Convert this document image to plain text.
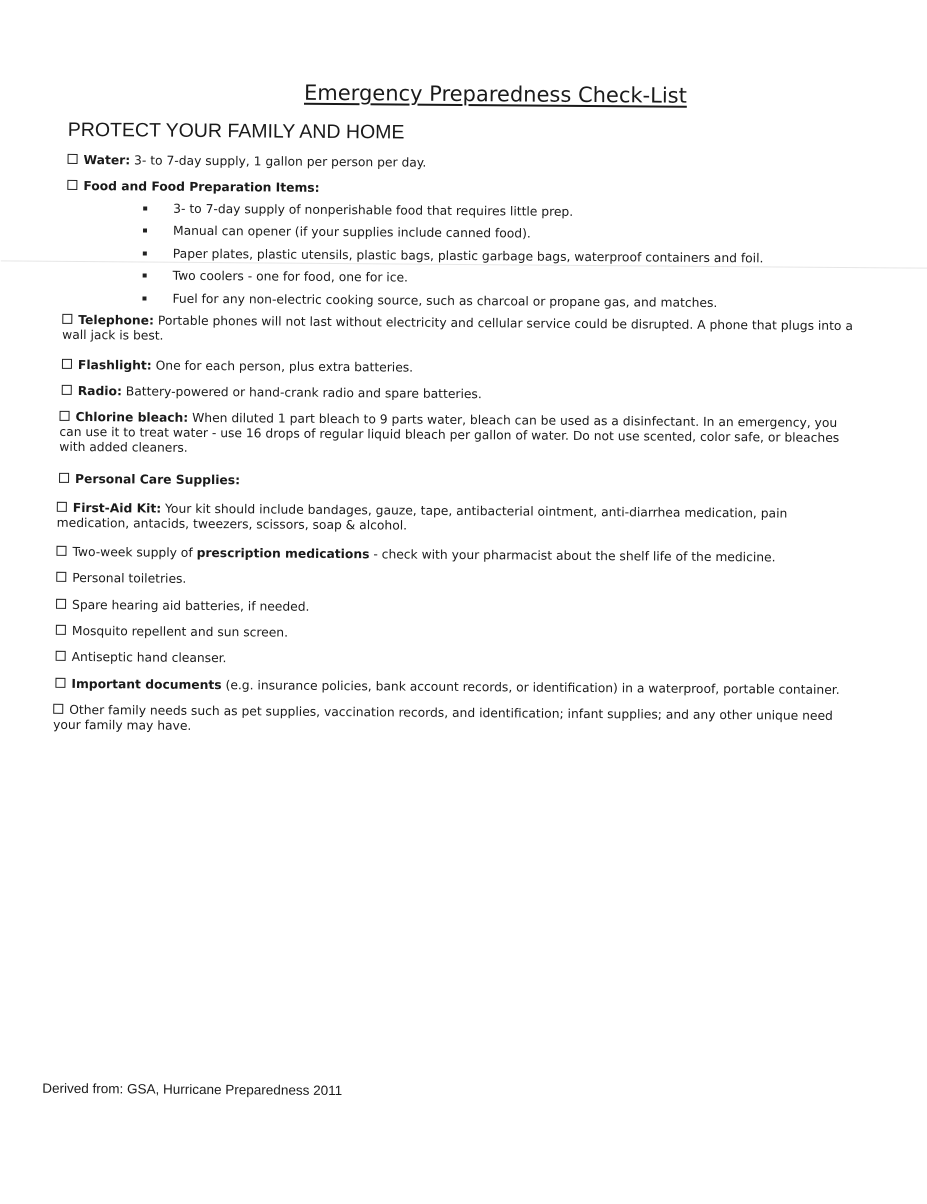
Emergency Preparedness Check-List
PROTECT YOUR FAMILY AND HOME
Water: 3- to 7-day supply, 1 gallon per person per day.
Food and Food Preparation Items:
3- to 7-day supply of nonperishable food that requires little prep.
Manual can opener (if your supplies include canned food).
Paper plates, plastic utensils, plastic bags, plastic garbage bags, waterproof containers and foil.
Two coolers - one for food, one for ice.
Fuel for any non-electric cooking source, such as charcoal or propane gas, and matches.
Telephone: Portable phones will not last without electricity and cellular service could be disrupted. A phone that plugs into a wall jack is best.
Flashlight: One for each person, plus extra batteries.
Radio: Battery-powered or hand-crank radio and spare batteries.
Chlorine bleach: When diluted 1 part bleach to 9 parts water, bleach can be used as a disinfectant. In an emergency, you can use it to treat water - use 16 drops of regular liquid bleach per gallon of water. Do not use scented, color safe, or bleaches with added cleaners.
Personal Care Supplies:
First-Aid Kit: Your kit should include bandages, gauze, tape, antibacterial ointment, anti-diarrhea medication, pain medication, antacids, tweezers, scissors, soap & alcohol.
Two-week supply of prescription medications - check with your pharmacist about the shelf life of the medicine.
Personal toiletries.
Spare hearing aid batteries, if needed.
Mosquito repellent and sun screen.
Antiseptic hand cleanser.
Important documents (e.g. insurance policies, bank account records, or identification) in a waterproof, portable container.
Other family needs such as pet supplies, vaccination records, and identification; infant supplies; and any other unique need your family may have.
Derived from: GSA, Hurricane Preparedness 2011
